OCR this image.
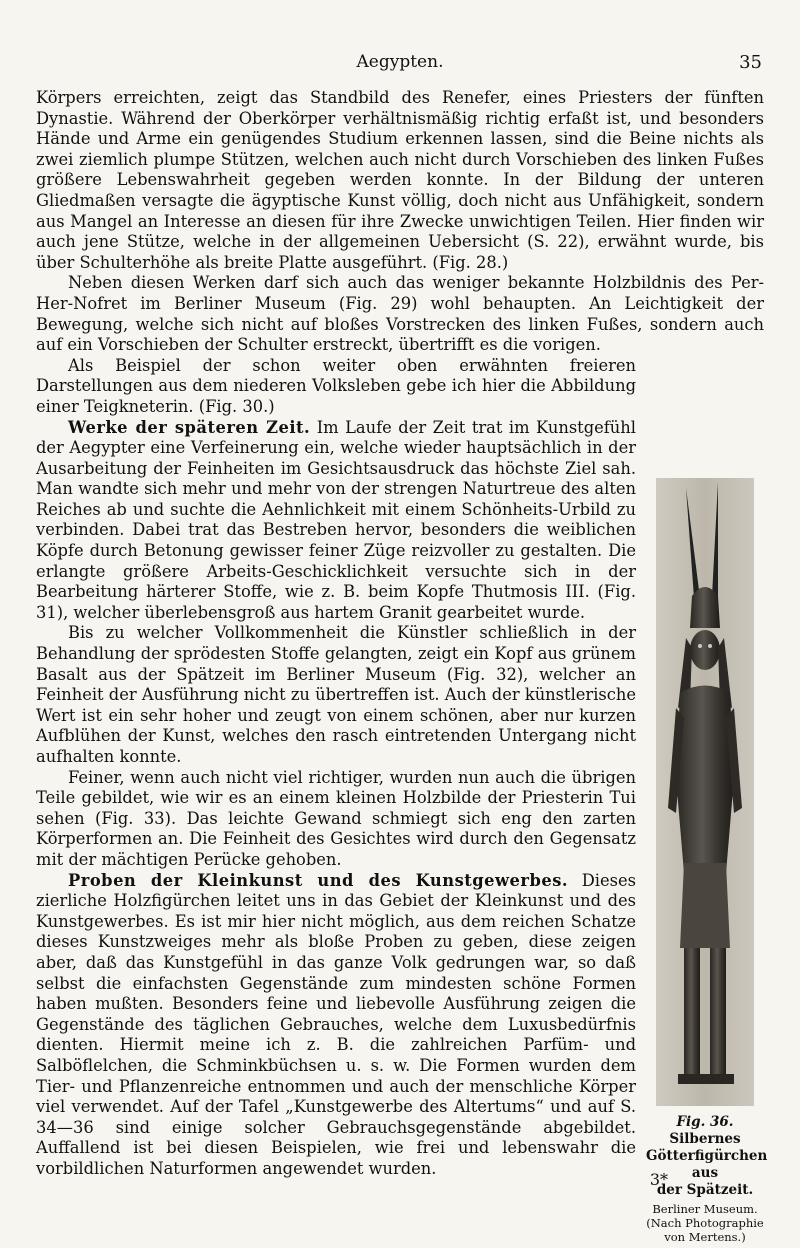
Aegypten.	35

Körpers erreichten, zeigt das Standbild des Renefer, eines Priesters der fünften Dynastie. Während der Oberkörper verhältnismäßig richtig erfaßt ist, und besonders Hände und Arme ein genügendes Studium erkennen lassen, sind die Beine nichts als zwei ziemlich plumpe Stützen, welchen auch nicht durch Vorschieben des linken Fußes größere Lebenswahrheit gegeben werden konnte. In der Bildung der unteren Gliedmaßen versagte die ägyptische Kunst völlig, doch nicht aus Unfähigkeit, sondern aus Mangel an Interesse an diesen für ihre Zwecke unwichtigen Teilen. Hier finden wir auch jene Stütze, welche in der allgemeinen Uebersicht (S. 22), erwähnt wurde, bis über Schulterhöhe als breite Platte ausgeführt. (Fig. 28.)

Neben diesen Werken darf sich auch das weniger bekannte Holzbildnis des Per-Her-Nofret im Berliner Museum (Fig. 29) wohl behaupten. An Leichtigkeit der Bewegung, welche sich nicht auf bloßes Vorstrecken des linken Fußes, sondern auch auf ein Vorschieben der Schulter erstreckt, übertrifft es die vorigen.

Fig. 36.
Silbernes
Götterfigürchen
aus
der Spätzeit.
Berliner Museum.
(Nach Photographie
von Mertens.)

Als Beispiel der schon weiter oben erwähnten freieren Darstellungen aus dem niederen Volksleben gebe ich hier die Abbildung einer Teigkneterin. (Fig. 30.)

Werke der späteren Zeit. Im Laufe der Zeit trat im Kunstgefühl der Aegypter eine Verfeinerung ein, welche wieder hauptsächlich in der Ausarbeitung der Feinheiten im Gesichtsausdruck das höchste Ziel sah. Man wandte sich mehr und mehr von der strengen Naturtreue des alten Reiches ab und suchte die Aehnlichkeit mit einem Schönheits-Urbild zu verbinden. Dabei trat das Bestreben hervor, besonders die weiblichen Köpfe durch Betonung gewisser feiner Züge reizvoller zu gestalten. Die erlangte größere Arbeits-Geschicklichkeit versuchte sich in der Bearbeitung härterer Stoffe, wie z. B. beim Kopfe Thutmosis III. (Fig. 31), welcher überlebensgroß aus hartem Granit gearbeitet wurde.

Bis zu welcher Vollkommenheit die Künstler schließlich in der Behandlung der sprödesten Stoffe gelangten, zeigt ein Kopf aus grünem Basalt aus der Spätzeit im Berliner Museum (Fig. 32), welcher an Feinheit der Ausführung nicht zu übertreffen ist. Auch der künstlerische Wert ist ein sehr hoher und zeugt von einem schönen, aber nur kurzen Aufblühen der Kunst, welches den rasch eintretenden Untergang nicht aufhalten konnte.

Feiner, wenn auch nicht viel richtiger, wurden nun auch die übrigen Teile gebildet, wie wir es an einem kleinen Holzbilde der Priesterin Tui sehen (Fig. 33). Das leichte Gewand schmiegt sich eng den zarten Körperformen an. Die Feinheit des Gesichtes wird durch den Gegensatz mit der mächtigen Perücke gehoben.

Proben der Kleinkunst und des Kunstgewerbes. Dieses zierliche Holzfigürchen leitet uns in das Gebiet der Kleinkunst und des Kunstgewerbes. Es ist mir hier nicht möglich, aus dem reichen Schatze dieses Kunstzweiges mehr als bloße Proben zu geben, diese zeigen aber, daß das Kunstgefühl in das ganze Volk gedrungen war, so daß selbst die einfachsten Gegenstände zum mindesten schöne Formen haben mußten. Besonders feine und liebevolle Ausführung zeigen die Gegenstände des täglichen Gebrauches, welche dem Luxusbedürfnis dienten. Hiermit meine ich z. B. die zahlreichen Parfüm- und Salböflelchen, die Schminkbüchsen u. s. w. Die Formen wurden dem Tier- und Pflanzenreiche entnommen und auch der menschliche Körper viel verwendet. Auf der Tafel „Kunstgewerbe des Altertums“ und auf S. 34—36 sind einige solcher Gebrauchsgegenstände abgebildet. Auffallend ist bei diesen Beispielen, wie frei und lebenswahr die vorbildlichen Naturformen angewendet wurden.

3*
